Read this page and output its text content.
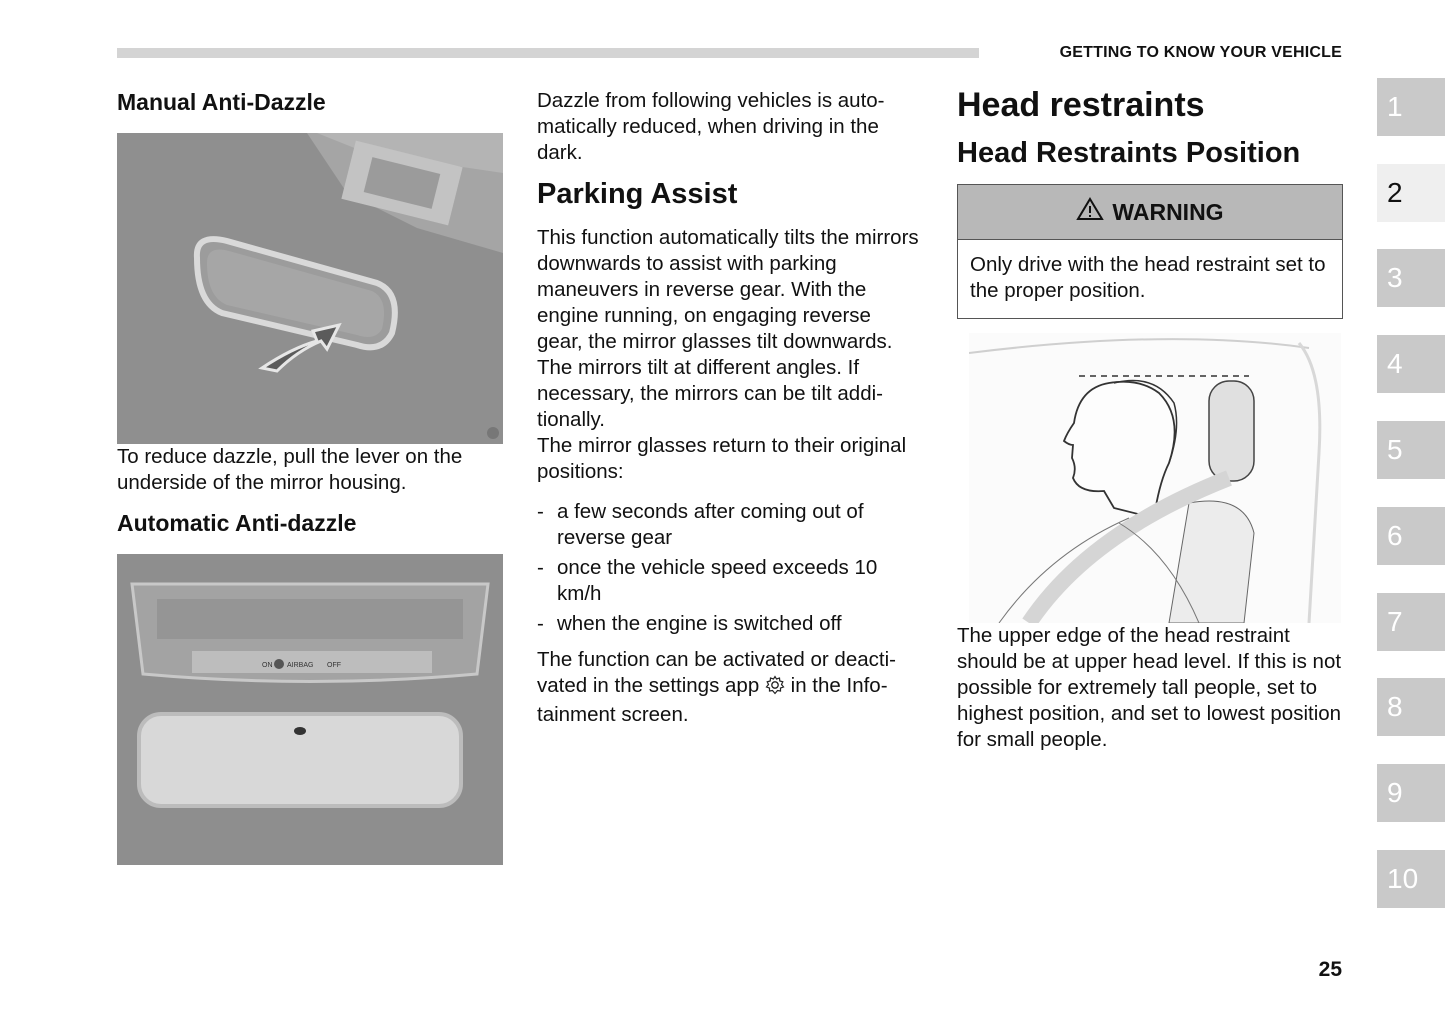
GETTING TO KNOW YOUR VEHICLE
Manual Anti-Dazzle

To reduce dazzle, pull the lever on the underside of the mirror housing.

Automatic Anti-dazzle
ON AIRBAG OFF

Dazzle from following vehicles is auto-matically reduced, when driving in the dark.

Parking Assist

This function automatically tilts the mirrors downwards to assist with parking maneuvers in reverse gear. With the engine running, on engaging reverse gear, the mirror glasses tilt downwards.

The mirrors tilt at different angles. If necessary, the mirrors can be tilt addi-tionally.

The mirror glasses return to their original positions:

- a few seconds after coming out of reverse gear
- once the vehicle speed exceeds 10 km/h
- when the engine is switched off

The function can be activated or deacti-vated in the settings app in the Info-tainment screen.

Head restraints
Head Restraints Position
WARNING

Only drive with the head restraint set to the proper position.

The upper edge of the head restraint should be at upper head level. If this is not possible for extremely tall people, set to highest position, and set to lowest position for small people.

1
2
3
4
5
6
7
8
9
10
25
